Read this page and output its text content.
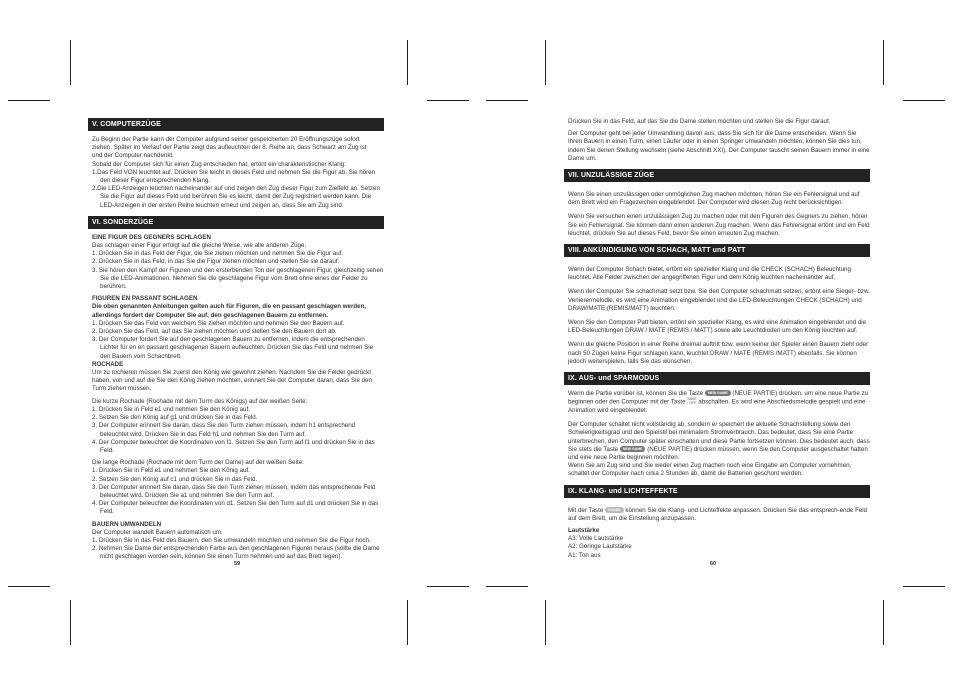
V. COMPUTERZÜGE

Zu Beginn der Partie kann der Computer aufgrund seiner gespeicherten 20 Eröffnungszüge sofort

ziehen. Später im Verlauf der Partie zeigt das aufleuchten der 8. Reihe an, dass Schwarz am Zug ist

und der Computer nachdenkt.

Sobald der Computer sich für einen Zug entschieden hat, ertönt ein charakteristischer Klang:

1.Das Feld VON leuchtet auf. Drücken Sie leicht in dieses Feld und nehmen Sie die Figur ab. Sie hören den dieser Figur entsprechenden Klang.

2.Die LED-Anzeigen leuchten nacheinander auf und zeigen den Zug dieser Figur zum Zielfeld an. Setzen Sie die Figur auf dieses Feld und berühren Sie es leicht, damit der Zug registriert werden kann. Die LED-Anzeigen in der ersten Reihe leuchten erneut und zeigen an, dass Sie am Zug sind.

VI. SONDERZÜGE

EINE FIGUR DES GEGNERS SCHLAGEN

Das schlagen einer Figur erfolgt auf die gleiche Weise, wie alle anderen Züge.

1. Drücken Sie in das Feld der Figur, die Sie ziehen möchten und nehmen Sie die Figur auf.

2. Drücken Sie in das Feld, in das Sie die Figur ziehen möchten und stellen Sie sie darauf.

3. Sie hören den Kampf der Figuren und den ersterbenden Ton der geschlagenen Figur, gleichzeitig sehen Sie die LED-Animationen. Nehmen Sie die geschlagene Figur vom Brett ohne eines der Felder zu berühren.

FIGUREN EN PASSANT SCHLAGEN

Die oben genannten Anleitungen gelten auch für Figuren, die en passant geschlagen werden, allerdings fordert der Computer Sie auf, den geschlagenen Bauern zu entfernen.

1. Drücken Sie das Feld von welchem Sie ziehen möchten und nehmen Sie den Bauern auf.

2. Drücken Sie das Feld, auf das Sie ziehen möchten und stellen Sie den Bauern dort ab.

3. Der Computer fordert Sie auf den geschlagenen Bauern zu entfernen, indem die entsprechenden Lichter für en en passant geschlagenen Bauern aufleuchten. Drücken Sie das Feld und nehmen Sie den Bauern vom Schachbrett.

ROCHADE

Um zu rochieren müssen Sie zuerst den König wie gewohnt ziehen. Nachdem Sie die Felder gedrückt haben, von und auf die Sie den König ziehen möchten, erinnert Sie der Computer daran, dass Sie den Turm ziehen müssen.

Die kurze Rochade (Rochade mit dem Turm des Königs) auf der weißen Seite:

1. Drücken Sie in Feld e1 und nehmen Sie den König auf.

2. Setzen Sie den König auf g1 und drücken Sie in das Feld.

3. Der Computer erinnert Sie daran, dass Sie den Turm ziehen müssen, indem h1 entsprechend beleuchtet wird. Drücken Sie in das Feld h1 und nehmen Sie den Turm auf.

4. Der Computer beleuchtet die Koordinaten von f1. Setzen Sie den Turm auf f1 und drücken Sie in das Feld.

Die lange Rochade (Rochade mit dem Turm der Dame) auf der weißen Seite:

1. Drücken Sie in Feld e1 und nehmen Sie den König auf.

2. Setzen Sie den König auf c1 und drücken Sie in das Feld.

3. Der Computer erinnert Sie daran, dass Sie den Turm ziehen müssen, indem das entsprechende Feld beleuchtet wird. Drücken Sie a1 und nehmen Sie den Turm auf.

4. Der Computer beleuchtet die Koordinaten von d1. Setzen Sie den Turm auf d1 und drücken Sie in das Feld.

BAUERN UMWANDELN

Der Computer wandelt Bauern automatisch um.

1. Drücken Sie in das Feld des Bauern, den Sie umwandeln möchten und nehmen Sie die Figur hoch.

2. Nehmen Sie Dame der entsprechenden Farbe aus den geschlagenen Figuren heraus (sollte die Dame nicht geschlagen worden sein, können Sie einen Turm nehmen und auf das Brett legen).

59

Drücken Sie in das Feld, auf das Sie die Dame stellen möchten und stellen Sie die Figur darauf.

Der Computer geht bei jeder Umwandlung davon aus, dass Sie sich für die Dame entscheiden. Wenn Sie Ihren Bauern in einen Turm, einen Läufer oder in einen Springer umwandeln möchten, können Sie dies tun, indem Sie denen Stellung wechseln (siehe Abschnitt XXI). Der Computer tauscht seinen Bauern immer in eine Dame um.

VII. UNZULÄSSIGE ZÜGE

Wenn Sie einen unzulässigen oder unmöglichen Zug machen möchten, hören Sie ein Fehlersignal und auf dem Brett wird ein Fragezeichen eingeblendet. Der Computer wird diesen Zug nicht berücksichtigen.

Wenn Sie versuchen einen unzulässigen Zug zu machen oder mit den Figuren des Gegners zu ziehen, hören Sie ein Fehlersignal. Sie können dann einen anderen Zug machen. Wenn das Fehlersignal ertönt und ein Feld leuchtet, drücken Sie auf dieses Feld, bevor Sie einen erneuten Zug machen.

VIII. ANKÜNDIGUNG VON SCHACH, MATT und PATT

Wenn der Computer Schach bietet, ertönt ein spezieller Klang und die CHECK (SCHACH) Beleuchtung leuchtet. Alle Felder zwischen der angegriffenen Figur und dem König leuchten nacheinander auf.

Wenn der Computer Sie schachmatt setzt bzw. Sie den Computer schachmatt setzen, ertönt eine Sieger- bzw. Verlierermelodie, es wird eine Animation eingeblendet und die LED-Beleuchtungen CHECK (SCHACH) und DRAW/MATE (REMIS/MATT) leuchten.

Wenn Sie den Computer Patt bieten, ertönt ein spezieller Klang, es wird eine Animation eingeblendet und die LED-Beleuchtungen DRAW / MATE (REMIS / MATT) sowie alle Leuchtdioden um den König leuchten auf.

Wenn die gleiche Position in einer Reihe dreimal auftritt bzw. wenn keiner der Spieler einen Bauern zieht oder nach 50 Zügen keine Figur schlagen kann, leuchtet DRAW / MATE (REMIS /MATT) ebenfalls. Sie können jedoch weiterspielen, falls Sie das wünschen.

IX. AUS- und SPARMODUS

Wenn die Partie vorüber ist, können Sie die Taste NEW GAME (NEUE PARTIE) drücken, um eine neue Partie zu beginnen oder den Computer mit der Taste SAVE
/ OFF abschalten. Es wird eine Abschiedsmelodie gespielt und eine Animation wird eingeblendet.

Der Computer schaltet nicht vollständig ab, sondern er speichert die aktuelle Schachstellung sowie den Schwierigkeitsgrad und den Spielstil bei minimalem Stromverbrauch. Das bedeutet, dass Sie eine Partie unterbrechen, den Computer später einschalten und diese Partie fortsetzen können. Dies bedeutet auch, dass Sie stets die Taste NEW GAME (NEUE PARTIE) drücken müssen, wenn Sie den Computer ausgeschaltet hatten und eine neue Partie beginnen möchten.

Wenn Sie am Zug sind und Sie weder einen Zug machen noch eine Eingabe am Computer vornehmen, schaltet der Computer nach cirka 2 Stunden ab, damit die Batterien geschont werden.

IX. KLANG- und LICHTEFFEKTE

Mit der Taste SOUND können Sie die Klang- und Lichteffekte anpassen. Drücken Sie das entsprech-ende Feld auf dem Brett, um die Einstellung anzupassen.

Lautstärke

A3: Volle Lautstärke

A2: Geringe Lautstärke

A1: Ton aus

60
